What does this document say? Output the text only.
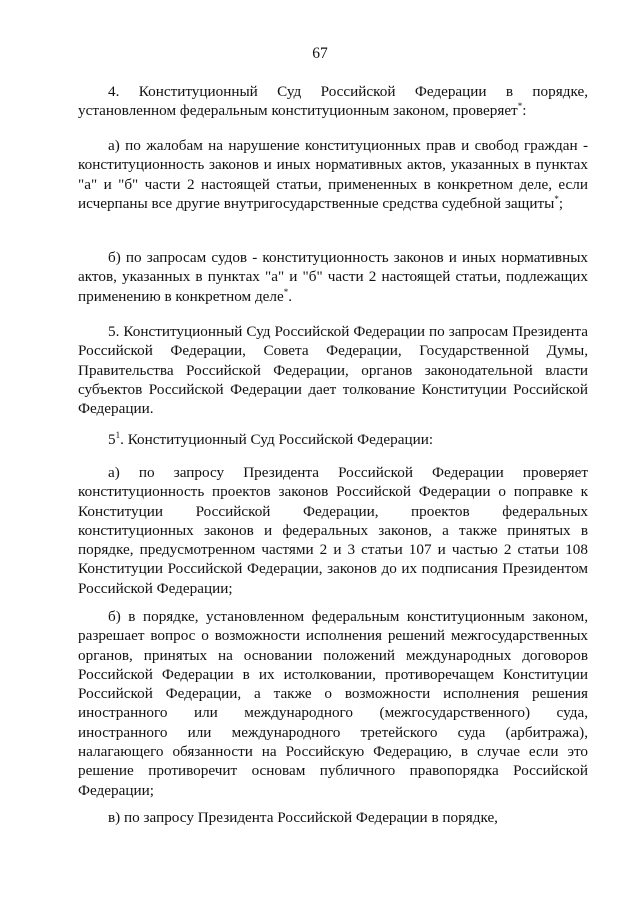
67

4. Конституционный Суд Российской Федерации в порядке, установленном федеральным конституционным законом, проверяет*:

а) по жалобам на нарушение конституционных прав и свобод граждан - конституционность законов и иных нормативных актов, указанных в пунктах "а" и "б" части 2 настоящей статьи, примененных в конкретном деле, если исчерпаны все другие внутригосударственные средства судебной защиты*;

б) по запросам судов - конституционность законов и иных нормативных актов, указанных в пунктах "а" и "б" части 2 настоящей статьи, подлежащих применению в конкретном деле*.

5. Конституционный Суд Российской Федерации по запросам Президента Российской Федерации, Совета Федерации, Государственной Думы, Правительства Российской Федерации, органов законодательной власти субъектов Российской Федерации дает толкование Конституции Российской Федерации.

$5^1$. Конституционный Суд Российской Федерации:

а) по запросу Президента Российской Федерации проверяет конституционность проектов законов Российской Федерации о поправке к Конституции Российской Федерации, проектов федеральных конституционных законов и федеральных законов, а также принятых в порядке, предусмотренном частями 2 и 3 статьи 107 и частью 2 статьи 108 Конституции Российской Федерации, законов до их подписания Президентом Российской Федерации;

б) в порядке, установленном федеральным конституционным законом, разрешает вопрос о возможности исполнения решений межгосударственных органов, принятых на основании положений международных договоров Российской Федерации в их истолковании, противоречащем Конституции Российской Федерации, а также о возможности исполнения решения иностранного или международного (межгосударственного) суда, иностранного или международного третейского суда (арбитража), налагающего обязанности на Российскую Федерацию, в случае если это решение противоречит основам публичного правопорядка Российской Федерации;

в) по запросу Президента Российской Федерации в порядке,
